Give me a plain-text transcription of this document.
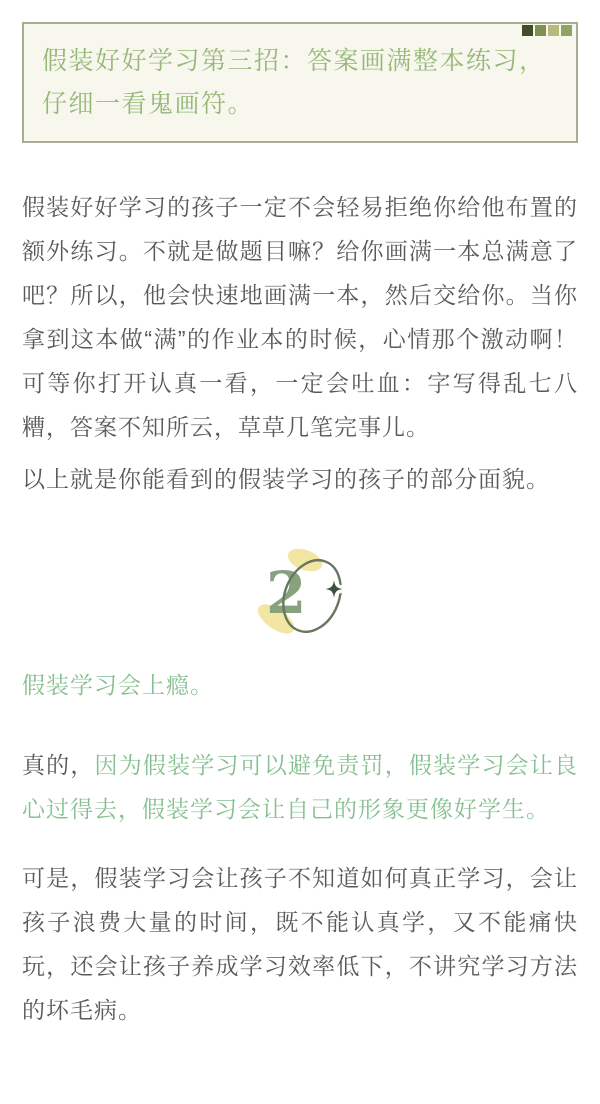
假装好好学习第三招：答案画满整本练习，
仔细一看鬼画符。

假装好好学习的孩子一定不会轻易拒绝你给他布置的额外练习。不就是做题目嘛？给你画满一本总满意了吧？所以，他会快速地画满一本，然后交给你。当你拿到这本做“满”的作业本的时候，心情那个激动啊！可等你打开认真一看，一定会吐血：字写得乱七八糟，答案不知所云，草草几笔完事儿。

以上就是你能看到的假装学习的孩子的部分面貌。

2

假装学习会上瘾。

真的，因为假装学习可以避免责罚，假装学习会让良心过得去，假装学习会让自己的形象更像好学生。

可是，假装学习会让孩子不知道如何真正学习，会让孩子浪费大量的时间，既不能认真学，又不能痛快玩，还会让孩子养成学习效率低下，不讲究学习方法的坏毛病。
